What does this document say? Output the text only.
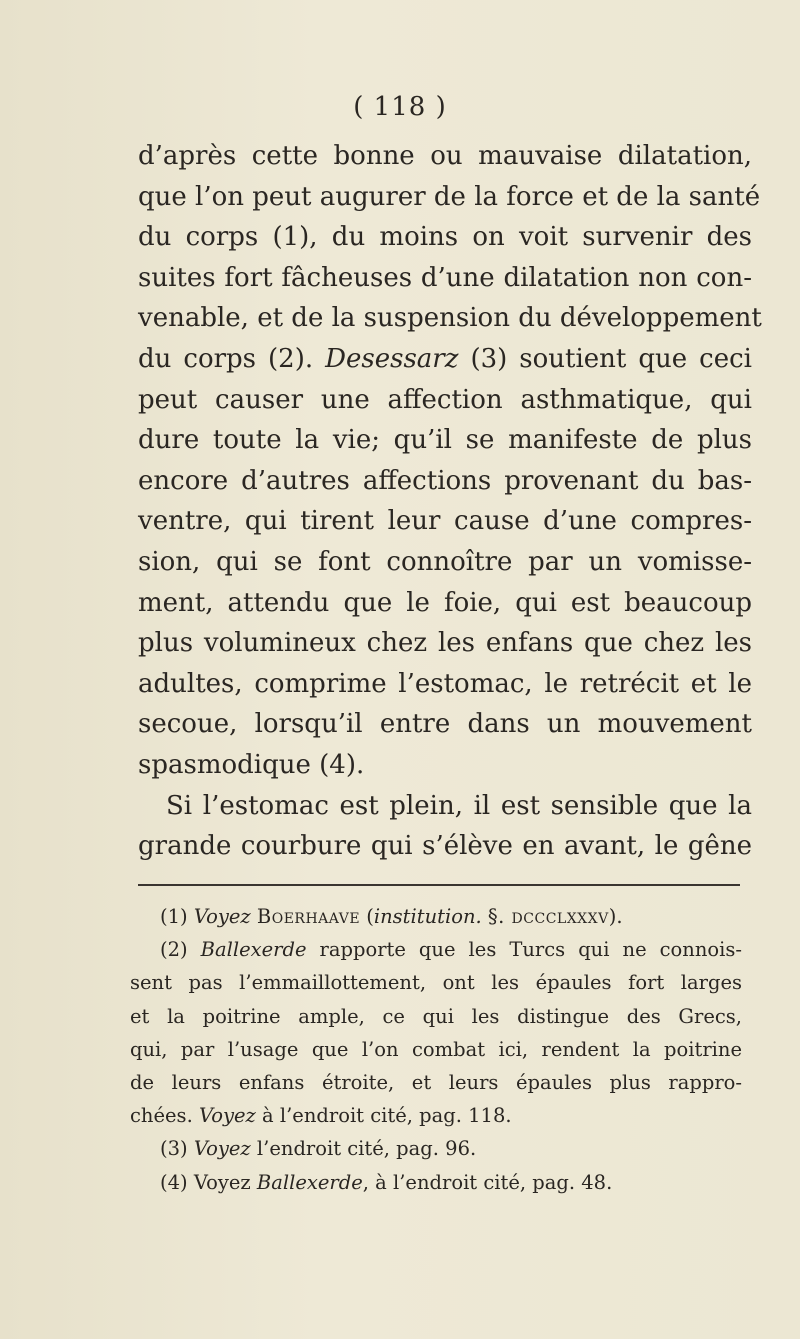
( 118 )
d’après cette bonne ou mauvaise dilatation,
que l’on peut augurer de la force et de la santé
du corps (1), du moins on voit survenir des
suites fort fâcheuses d’une dilatation non con-
venable, et de la suspension du développement
du corps (2). Desessarz (3) soutient que ceci
peut causer une affection asthmatique, qui
dure toute la vie; qu’il se manifeste de plus
encore d’autres affections provenant du bas-
ventre, qui tirent leur cause d’une compres-
sion, qui se font connoître par un vomisse-
ment, attendu que le foie, qui est beaucoup
plus volumineux chez les enfans que chez les
adultes, comprime l’estomac, le retrécit et le
secoue, lorsqu’il entre dans un mouvement
spasmodique (4).
Si l’estomac est plein, il est sensible que la
grande courbure qui s’élève en avant, le gêne
(1) Voyez Boerhaave (institution. §. dccclxxxv).
(2) Ballexerde rapporte que les Turcs qui ne connois-
sent pas l’emmaillottement, ont les épaules fort larges
et la poitrine ample, ce qui les distingue des Grecs,
qui, par l’usage que l’on combat ici, rendent la poitrine
de leurs enfans étroite, et leurs épaules plus rappro-
chées. Voyez à l’endroit cité, pag. 118.
(3) Voyez l’endroit cité, pag. 96.
(4) Voyez Ballexerde, à l’endroit cité, pag. 48.
